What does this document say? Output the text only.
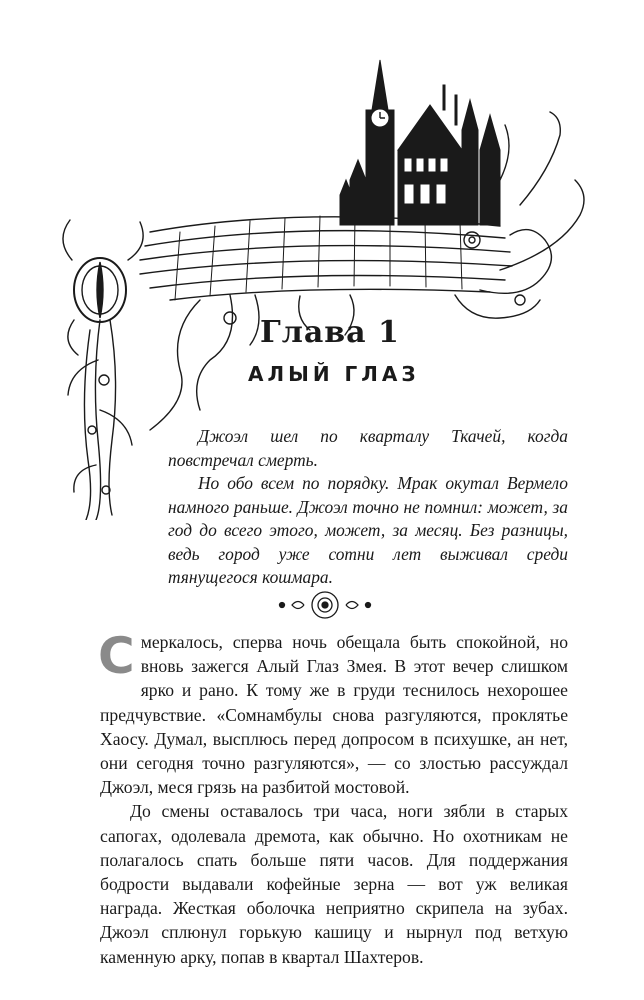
Глава 1
АЛЫЙ ГЛАЗ

Джоэл шел по кварталу Ткачей, когда повстречал смерть.

Но обо всем по порядку. Мрак окутал Вермело намного раньше. Джоэл точно не помнил: может, за год до всего этого, может, за месяц. Без разницы, ведь город уже сотни лет выживал среди тянущегося кошмара.

Смеркалось, сперва ночь обещала быть спокойной, но вновь зажегся Алый Глаз Змея. В этот вечер слишком ярко и рано. К тому же в груди теснилось нехорошее предчувствие. «Сомнамбулы снова разгуляются, проклятье Хаосу. Думал, высплюсь перед допросом в психушке, ан нет, они сегодня точно разгуляются», — со злостью рассуждал Джоэл, меся грязь на разбитой мостовой.

До смены оставалось три часа, ноги зябли в старых сапогах, одолевала дремота, как обычно. Но охотникам не полагалось спать больше пяти часов. Для поддержания бодрости выдавали кофейные зерна — вот уж великая награда. Жесткая оболочка неприятно скрипела на зубах. Джоэл сплюнул горькую кашицу и нырнул под ветхую каменную арку, попав в квартал Шахтеров.
